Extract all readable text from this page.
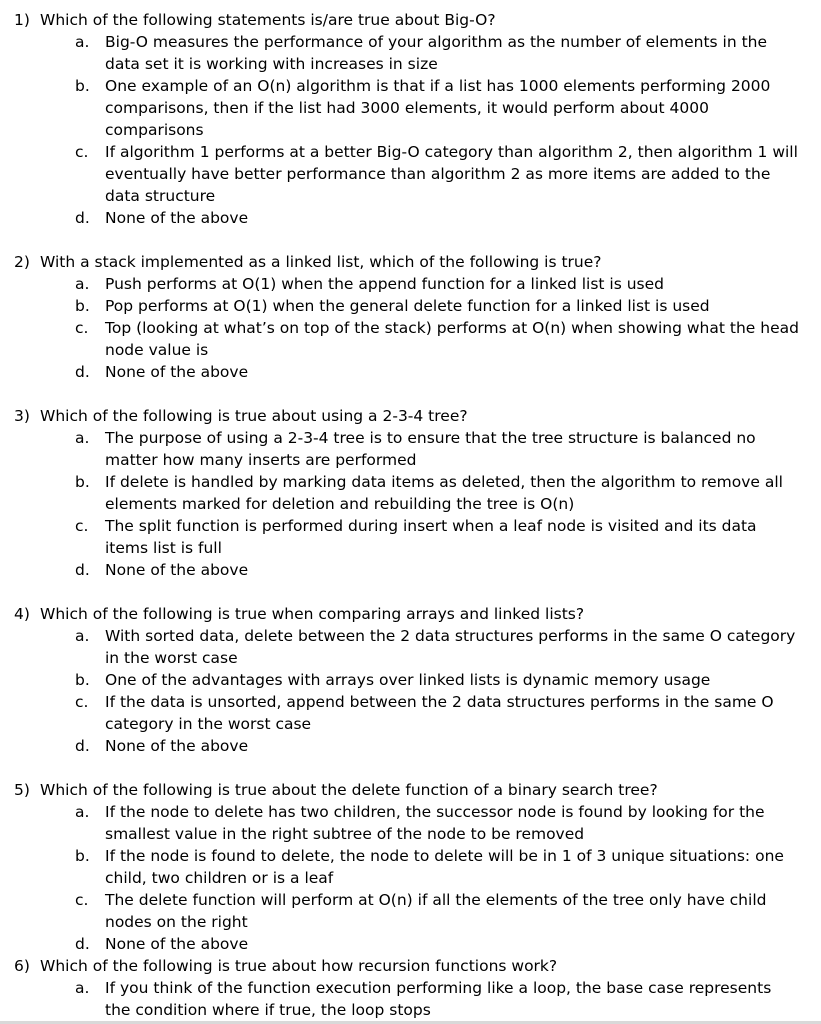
1) Which of the following statements is/are true about Big-O?
a.	Big-O measures the performance of your algorithm as the number of elements in the data set it is working with increases in size
b. One example of an O(n) algorithm is that if a list has 1000 elements performing 2000 comparisons, then if the list had 3000 elements, it would perform about 4000 comparisons
c.	If algorithm 1 performs at a better Big-O category than algorithm 2, then algorithm 1 will eventually have better performance than algorithm 2 as more items are added to the data structure
d. None of the above
2) With a stack implemented as a linked list, which of the following is true?
a.	Push performs at O(1) when the append function for a linked list is used
b. Pop performs at O(1) when the general delete function for a linked list is used
c.	Top (looking at what’s on top of the stack) performs at O(n) when showing what the head node value is
d. None of the above
3) Which of the following is true about using a 2-3-4 tree?
a.	The purpose of using a 2-3-4 tree is to ensure that the tree structure is balanced no matter how many inserts are performed
b. If delete is handled by marking data items as deleted, then the algorithm to remove all elements marked for deletion and rebuilding the tree is O(n)
c.	The split function is performed during insert when a leaf node is visited and its data items list is full
d. None of the above
4) Which of the following is true when comparing arrays and linked lists?
a.	With sorted data, delete between the 2 data structures performs in the same O category in the worst case
b. One of the advantages with arrays over linked lists is dynamic memory usage
c.	If the data is unsorted, append between the 2 data structures performs in the same O category in the worst case
d. None of the above
5) Which of the following is true about the delete function of a binary search tree?
a.	If the node to delete has two children, the successor node is found by looking for the smallest value in the right subtree of the node to be removed
b. If the node is found to delete, the node to delete will be in 1 of 3 unique situations: one child, two children or is a leaf
c.	The delete function will perform at O(n) if all the elements of the tree only have child nodes on the right
d. None of the above
6) Which of the following is true about how recursion functions work?
a.	If you think of the function execution performing like a loop, the base case represents the condition where if true, the loop stops
